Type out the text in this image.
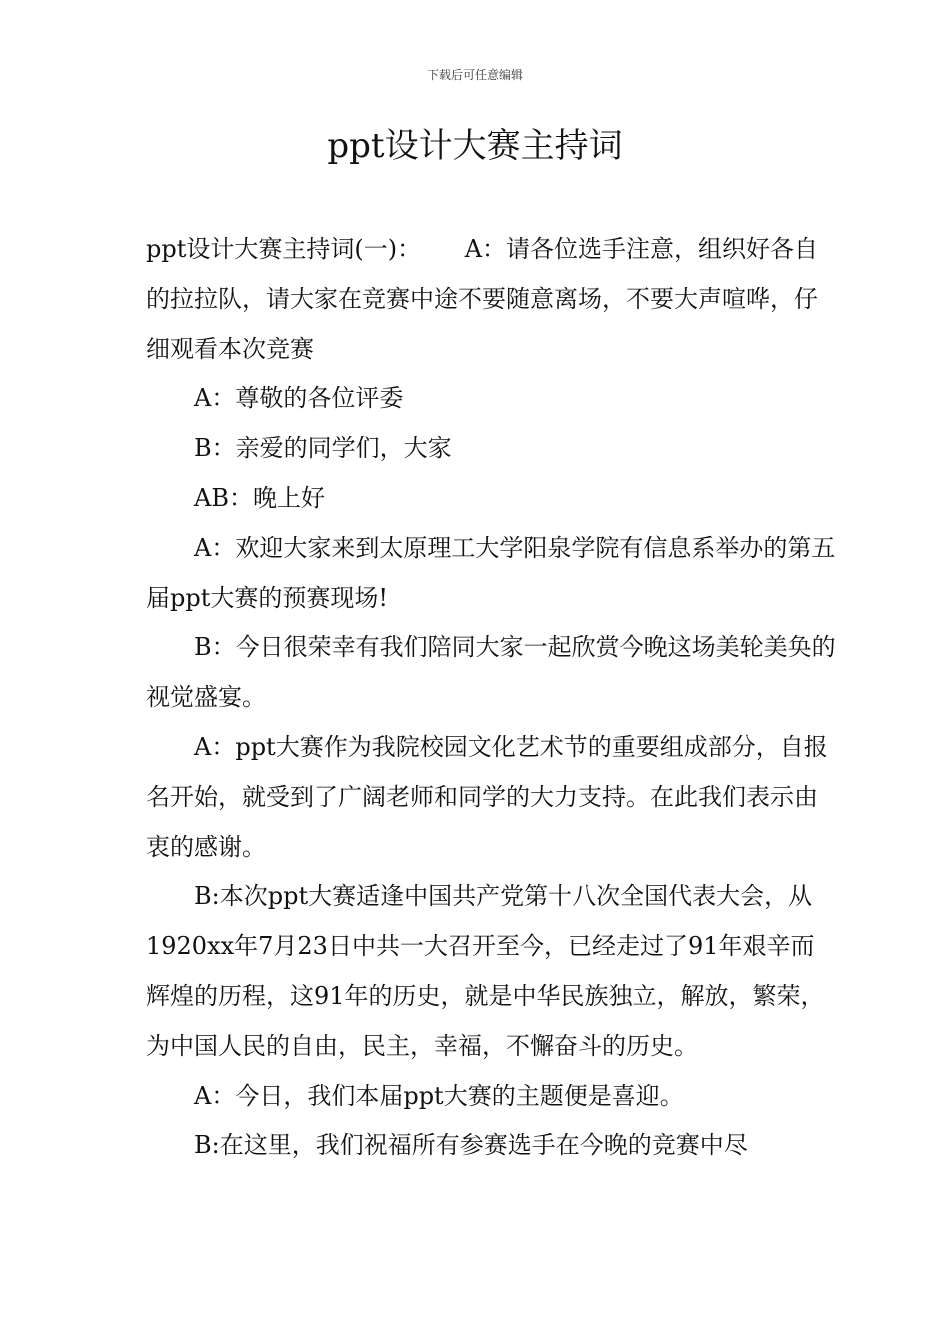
下载后可任意编辑
ppt设计大赛主持词

ppt设计大赛主持词(一)：　　 A：请各位选手注意，组织好各自的拉拉队，请大家在竞赛中途不要随意离场，不要大声喧哗，仔细观看本次竞赛

A：尊敬的各位评委

B：亲爱的同学们，大家

AB：晚上好

A：欢迎大家来到太原理工大学阳泉学院有信息系举办的第五届ppt大赛的预赛现场!

B：今日很荣幸有我们陪同大家一起欣赏今晚这场美轮美奂的视觉盛宴。

A：ppt大赛作为我院校园文化艺术节的重要组成部分，自报名开始，就受到了广阔老师和同学的大力支持。在此我们表示由衷的感谢。

B:本次ppt大赛适逢中国共产党第十八次全国代表大会，从1920xx年7月23日中共一大召开至今，已经走过了91年艰辛而辉煌的历程，这91年的历史，就是中华民族独立，解放，繁荣，为中国人民的自由，民主，幸福，不懈奋斗的历史。

A：今日，我们本届ppt大赛的主题便是喜迎。

B:在这里，我们祝福所有参赛选手在今晚的竞赛中尽
